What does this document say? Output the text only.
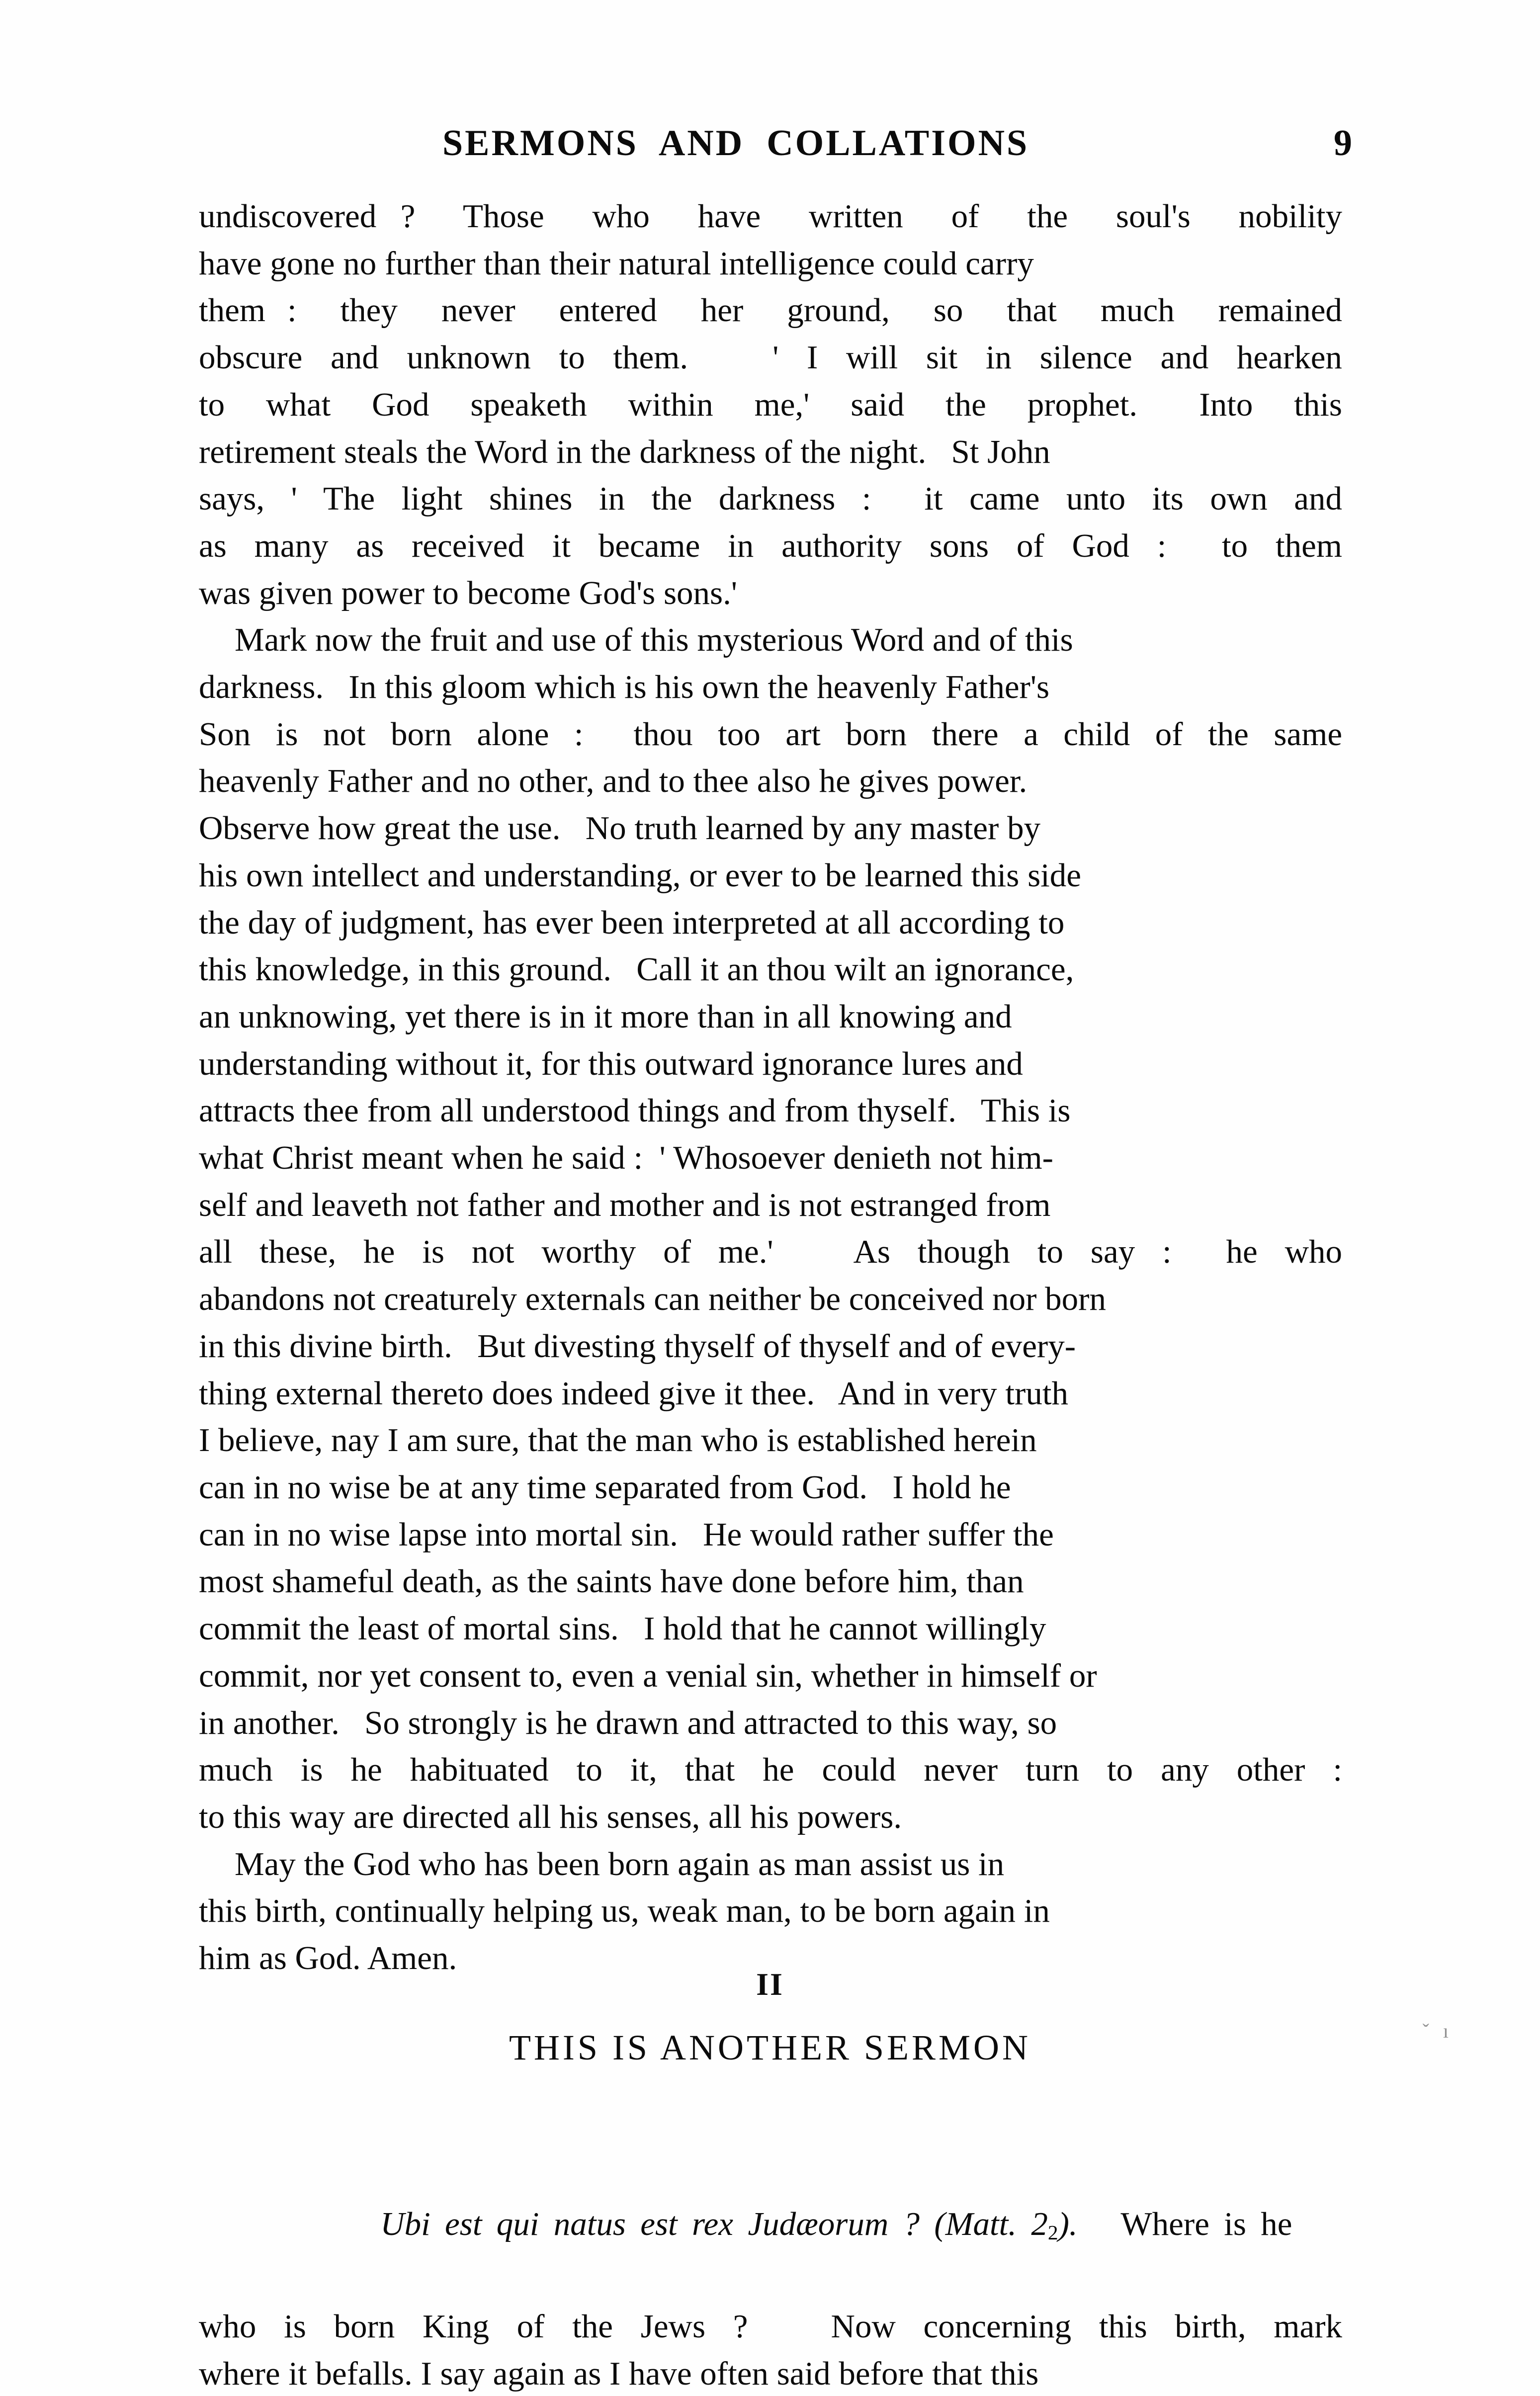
SERMONS  AND  COLLATIONS	9

undiscovered ?  Those  who  have  written  of  the  soul's  nobility
have gone no further than their natural intelligence could carry
them :  they  never  entered  her  ground,  so  that  much  remained
obscure and unknown to them.   ' I will sit in silence and hearken
to  what  God  speaketh  within  me,'  said  the  prophet.   Into  this
retirement steals the Word in the darkness of the night.   St John
says, ' The light shines in the darkness :  it came unto its own and
as many as received it became in authority sons of God :  to them
was given power to become God's sons.'

Mark now the fruit and use of this mysterious Word and of this
darkness.   In this gloom which is his own the heavenly Father's
Son is not born alone :  thou too art born there a child of the same
heavenly Father and no other, and to thee also he gives power.
Observe how great the use.   No truth learned by any master by
his own intellect and understanding, or ever to be learned this side
the day of judgment, has ever been interpreted at all according to
this knowledge, in this ground.   Call it an thou wilt an ignorance,
an unknowing, yet there is in it more than in all knowing and
understanding without it, for this outward ignorance lures and
attracts thee from all understood things and from thyself.   This is
what Christ meant when he said :  ' Whosoever denieth not him-
self and leaveth not father and mother and is not estranged from
all these, he is not worthy of me.'   As though to say :  he who
abandons not creaturely externals can neither be conceived nor born
in this divine birth.   But divesting thyself of thyself and of every-
thing external thereto does indeed give it thee.   And in very truth
I believe, nay I am sure, that the man who is established herein
can in no wise be at any time separated from God.   I hold he
can in no wise lapse into mortal sin.   He would rather suffer the
most shameful death, as the saints have done before him, than
commit the least of mortal sins.   I hold that he cannot willingly
commit, nor yet consent to, even a venial sin, whether in himself or
in another.   So strongly is he drawn and attracted to this way, so
much is he habituated to it, that he could never turn to any other :
to this way are directed all his senses, all his powers.

May the God who has been born again as man assist us in
this birth, continually helping us, weak man, to be born again in
him as God. Amen.

II
THIS IS ANOTHER SERMON	ˇ ı

Ubi est qui natus est rex Judæorum ? (Matt. $2_2$). Where is he

who is born King of the Jews ?   Now concerning this birth, mark
where it befalls. I say again as I have often said before that this
